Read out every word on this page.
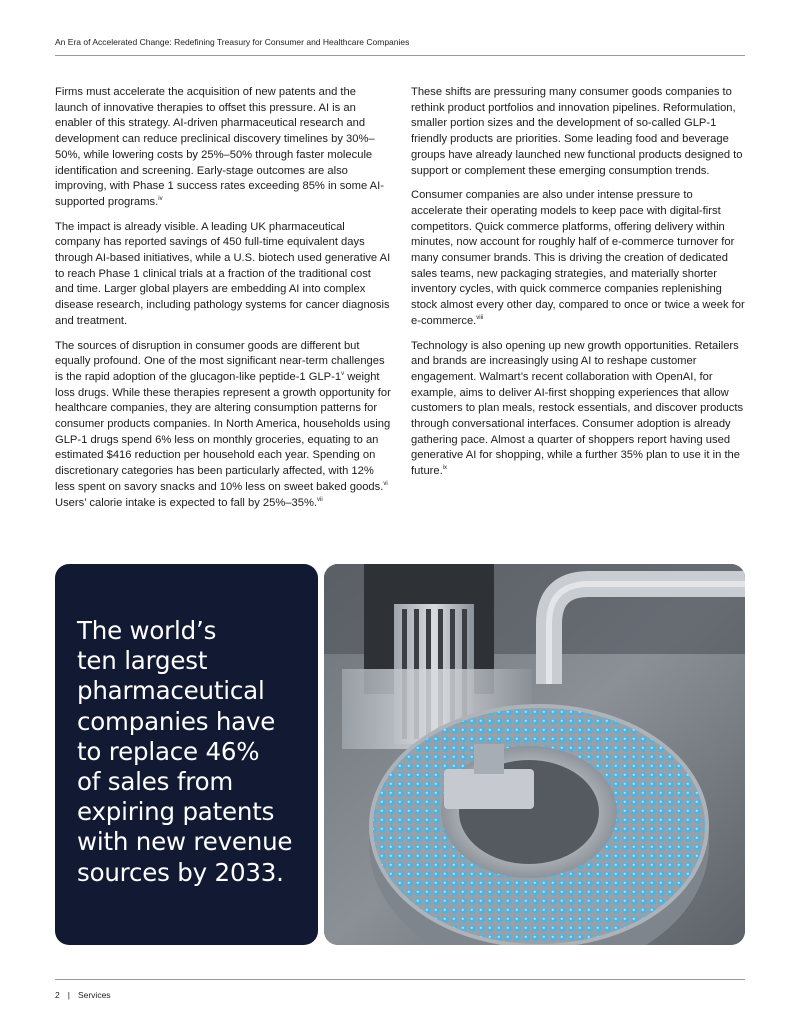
An Era of Accelerated Change: Redefining Treasury for Consumer and Healthcare Companies

Firms must accelerate the acquisition of new patents and the launch of innovative therapies to offset this pressure. AI is an enabler of this strategy. AI-driven pharmaceutical research and development can reduce preclinical discovery timelines by 30%–50%, while lowering costs by 25%–50% through faster molecule identification and screening. Early-stage outcomes are also improving, with Phase 1 success rates exceeding 85% in some AI-supported programs.$^{iv}$

The impact is already visible. A leading UK pharmaceutical company has reported savings of 450 full-time equivalent days through AI-based initiatives, while a U.S. biotech used generative AI to reach Phase 1 clinical trials at a fraction of the traditional cost and time. Larger global players are embedding AI into complex disease research, including pathology systems for cancer diagnosis and treatment.

The sources of disruption in consumer goods are different but equally profound. One of the most significant near-term challenges is the rapid adoption of the glucagon-like peptide-1 GLP-1$^v$ weight loss drugs. While these therapies represent a growth opportunity for healthcare companies, they are altering consumption patterns for consumer products companies. In North America, households using GLP-1 drugs spend 6% less on monthly groceries, equating to an estimated $416 reduction per household each year. Spending on discretionary categories has been particularly affected, with 12% less spent on savory snacks and 10% less on sweet baked goods.$^{vi}$ Users’ calorie intake is expected to fall by 25%–35%.$^{vii}$

These shifts are pressuring many consumer goods companies to rethink product portfolios and innovation pipelines. Reformulation, smaller portion sizes and the development of so-called GLP-1 friendly products are priorities. Some leading food and beverage groups have already launched new functional products designed to support or complement these emerging consumption trends.

Consumer companies are also under intense pressure to accelerate their operating models to keep pace with digital-first competitors. Quick commerce platforms, offering delivery within minutes, now account for roughly half of e-commerce turnover for many consumer brands. This is driving the creation of dedicated sales teams, new packaging strategies, and materially shorter inventory cycles, with quick commerce companies replenishing stock almost every other day, compared to once or twice a week for e-commerce.$^{viii}$

Technology is also opening up new growth opportunities. Retailers and brands are increasingly using AI to reshape customer engagement. Walmart’s recent collaboration with OpenAI, for example, aims to deliver AI-first shopping experiences that allow customers to plan meals, restock essentials, and discover products through conversational interfaces. Consumer adoption is already gathering pace. Almost a quarter of shoppers report having used generative AI for shopping, while a further 35% plan to use it in the future.$^{ix}$

The world’s
ten largest
pharmaceutical
companies have
to replace 46%
of sales from
expiring patents
with new revenue
sources by 2033.
2 | Services
